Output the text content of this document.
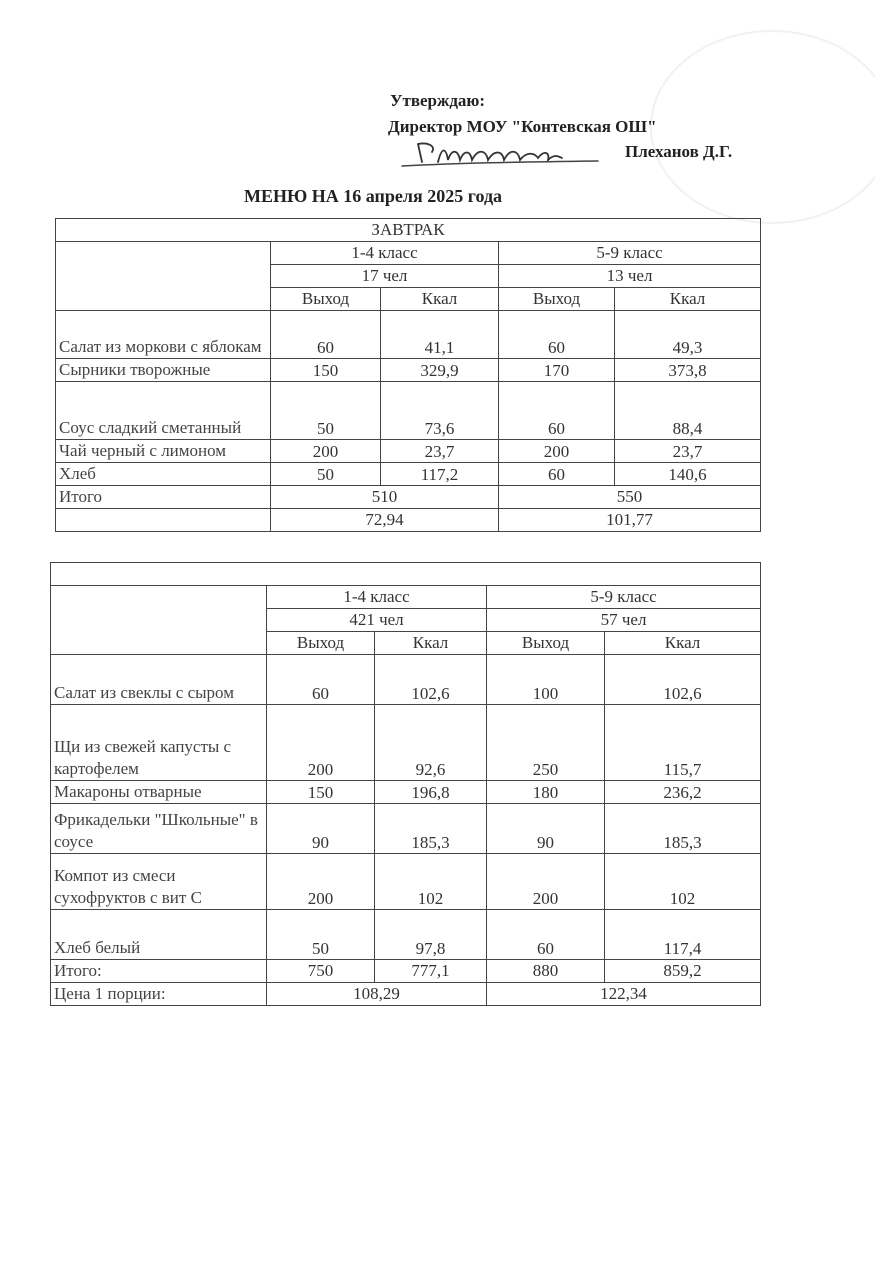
Утверждаю:
Директор МОУ "Контевская ОШ"
Плеханов Д.Г.
МЕНЮ НА 16 апреля 2025 года
ЗАВТРАК				
	1-4 класс		5-9 класс	
	17 чел		13 чел	
	Выход	Ккал	Выход	Ккал
Салат из моркови с яблокам	60	41,1	60	49,3
Сырники творожные	150	329,9	170	373,8
Соус сладкий сметанный	50	73,6	60	88,4
Чай черный с лимоном	200	23,7	200	23,7
Хлеб	50	117,2	60	140,6
Итого	510		550	
	72,94		101,77	

	1-4 класс		5-9 класс	
	421 чел		57 чел	
	Выход	Ккал	Выход	Ккал
Салат из свеклы с сыром	60	102,6	100	102,6
Щи из свежей капусты с картофелем	200	92,6	250	115,7
Макароны отварные	150	196,8	180	236,2
Фрикадельки "Школьные" в соусе	90	185,3	90	185,3
Компот из смеси сухофруктов с вит С	200	102	200	102
Хлеб белый	50	97,8	60	117,4
Итого:	750	777,1	880	859,2
Цена 1 порции:	108,29		122,34	
